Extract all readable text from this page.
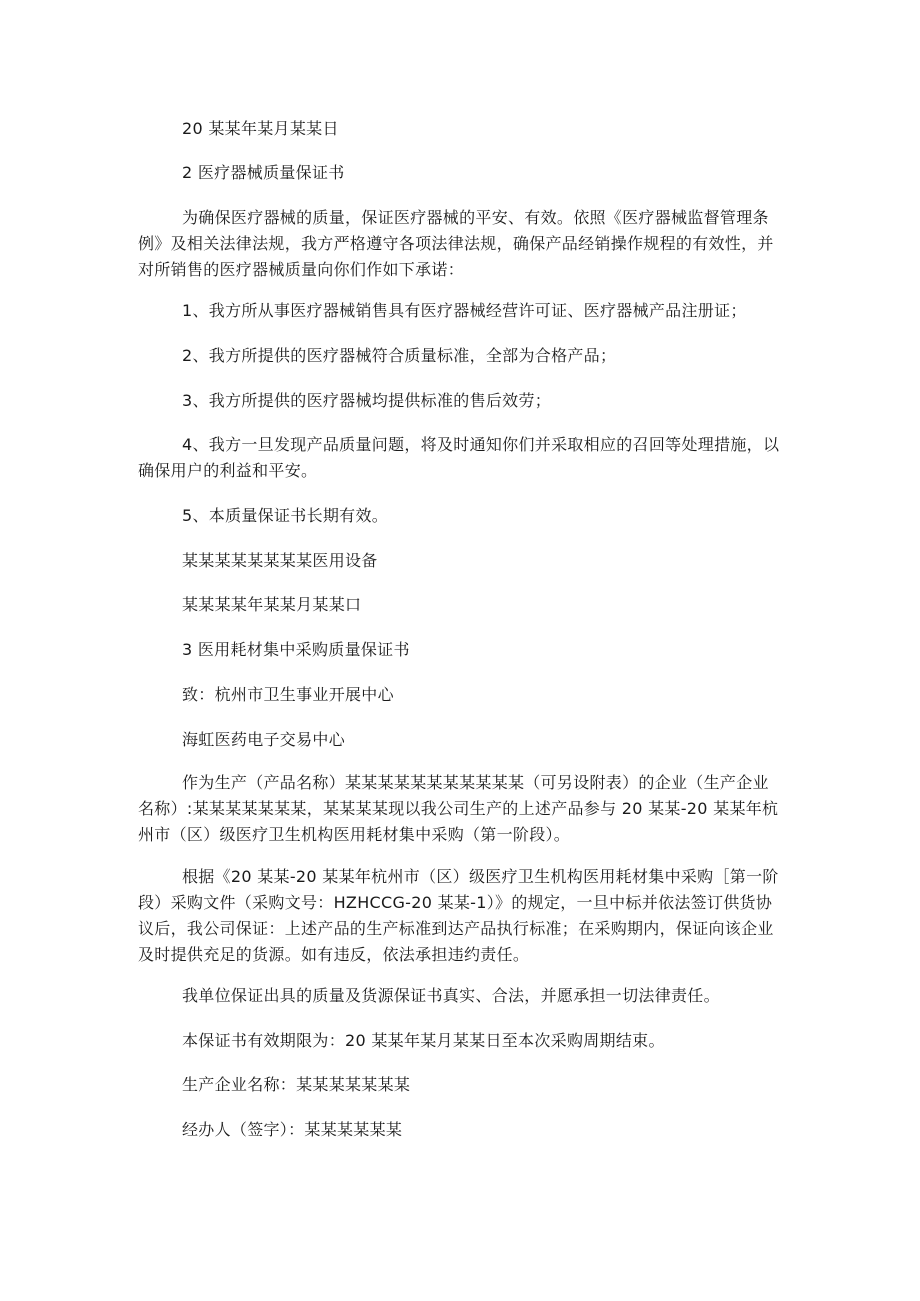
20 某某年某月某某日

2 医疗器械质量保证书

为确保医疗器械的质量，保证医疗器械的平安、有效。依照《医疗器械监督管理条例》及相关法律法规，我方严格遵守各项法律法规，确保产品经销操作规程的有效性，并对所销售的医疗器械质量向你们作如下承诺：

1、我方所从事医疗器械销售具有医疗器械经营许可证、医疗器械产品注册证；

2、我方所提供的医疗器械符合质量标准，全部为合格产品；

3、我方所提供的医疗器械均提供标准的售后效劳；

4、我方一旦发现产品质量问题，将及时通知你们并采取相应的召回等处理措施，以确保用户的利益和平安。

5、本质量保证书长期有效。

某某某某某某某某医用设备

某某某某年某某月某某口

3 医用耗材集中采购质量保证书

致：杭州市卫生事业开展中心

海虹医药电子交易中心

作为生产（产品名称）某某某某某某某某某某某（可另设附表）的企业（生产企业名称）:某某某某某某某，某某某某现以我公司生产的上述产品参与 20 某某-20 某某年杭州市（区）级医疗卫生机构医用耗材集中采购（第一阶段）。

根据《20 某某-20 某某年杭州市（区）级医疗卫生机构医用耗材集中采购［第一阶段）采购文件（采购文号：HZHCCG-20 某某-1）》的规定，一旦中标并依法签订供货协议后，我公司保证：上述产品的生产标准到达产品执行标准；在采购期内，保证向该企业及时提供充足的货源。如有违反，依法承担违约责任。

我单位保证出具的质量及货源保证书真实、合法，并愿承担一切法律责任。

本保证书有效期限为：20 某某年某月某某日至本次采购周期结束。

生产企业名称：某某某某某某某

经办人（签字）：某某某某某某
